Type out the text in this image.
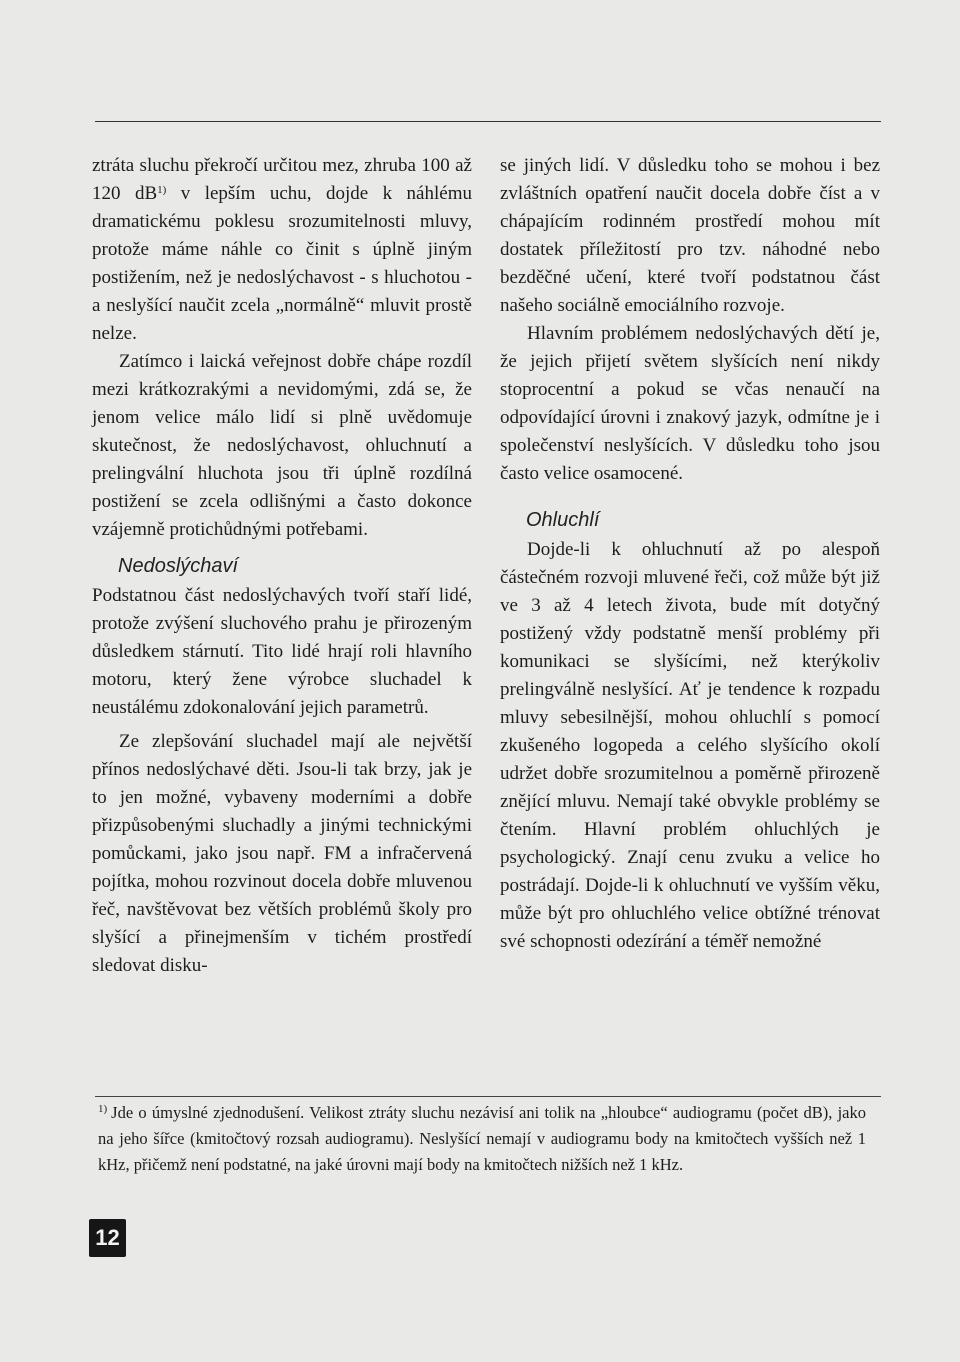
ztráta sluchu překročí určitou mez, zhruba 100 až 120 $dB^{1)}$ v lepším uchu, dojde k náhlému dramatickému poklesu srozumitelnosti mluvy, protože máme náhle co činit s úplně jiným postižením, než je nedoslýchavost - s hluchotou - a neslyšící naučit zcela „normálně“ mluvit prostě nelze.

Zatímco i laická veřejnost dobře chápe rozdíl mezi krátkozrakými a nevidomými, zdá se, že jenom velice málo lidí si plně uvědomuje skutečnost, že nedoslýchavost, ohluchnutí a prelingvální hluchota jsou tři úplně rozdílná postižení se zcela odlišnými a často dokonce vzájemně protichůdnými potřebami.

Nedoslýchaví

Podstatnou část nedoslýchavých tvoří staří lidé, protože zvýšení sluchového prahu je přirozeným důsledkem stárnutí. Tito lidé hrají roli hlavního motoru, který žene výrobce sluchadel k neustálému zdokonalování jejich parametrů.

Ze zlepšování sluchadel mají ale největší přínos nedoslýchavé děti. Jsou-li tak brzy, jak je to jen možné, vybaveny moderními a dobře přizpůsobenými sluchadly a jinými technickými pomůckami, jako jsou např. FM a infračervená pojítka, mohou rozvinout docela dobře mluvenou řeč, navštěvovat bez větších problémů školy pro slyšící a přinejmenším v tichém prostředí sledovat disku-

se jiných lidí. V důsledku toho se mohou i bez zvláštních opatření naučit docela dobře číst a v chápajícím rodinném prostředí mohou mít dostatek příležitostí pro tzv. náhodné nebo bezděčné učení, které tvoří podstatnou část našeho sociálně emociálního rozvoje.

Hlavním problémem nedoslýchavých dětí je, že jejich přijetí světem slyšících není nikdy stoprocentní a pokud se včas nenaučí na odpovídající úrovni i znakový jazyk, odmítne je i společenství neslyšících. V důsledku toho jsou často velice osamocené.

Ohluchlí

Dojde-li k ohluchnutí až po alespoň částečném rozvoji mluvené řeči, což může být již ve 3 až 4 letech života, bude mít dotyčný postižený vždy podstatně menší problémy při komunikaci se slyšícími, než kterýkoliv prelingválně neslyšící. Ať je tendence k rozpadu mluvy sebesilnější, mohou ohluchlí s pomocí zkušeného logopeda a celého slyšícího okolí udržet dobře srozumitelnou a poměrně přirozeně znějící mluvu. Nemají také obvykle problémy se čtením. Hlavní problém ohluchlých je psychologický. Znají cenu zvuku a velice ho postrádají. Dojde-li k ohluchnutí ve vyšším věku, může být pro ohluchlého velice obtížné trénovat své schopnosti odezírání a téměř nemožné

$^{1)}$ Jde o úmyslné zjednodušení. Velikost ztráty sluchu nezávisí ani tolik na „hloubce“ audiogramu (počet dB), jako na jeho šířce (kmitočtový rozsah audiogramu). Neslyšící nemají v audiogramu body na kmitočtech vyšších než 1 kHz, přičemž není podstatné, na jaké úrovni mají body na kmitočtech nižších než 1 kHz.

12
